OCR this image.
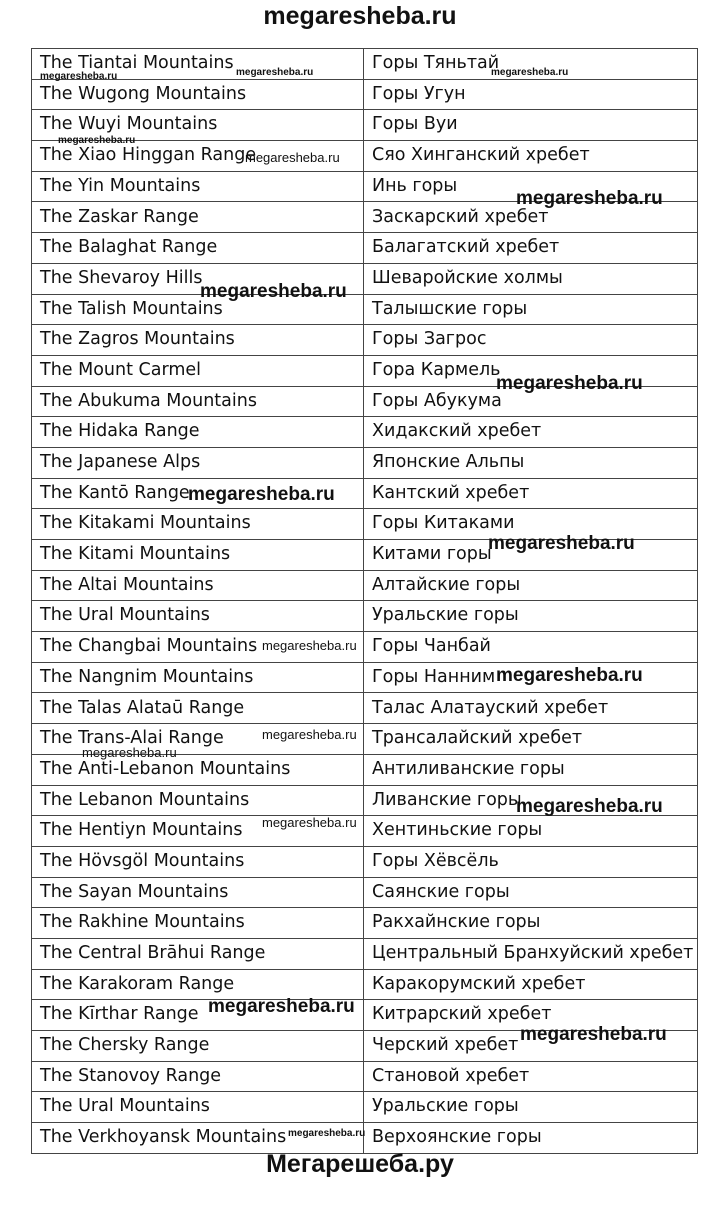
megaresheba.ru
The Tiantai Mountains	Горы Тяньтай
The Wugong Mountains	Горы Угун
The Wuyi Mountains	Горы Вуи
The Xiao Hinggan Range	Сяо Хинганский хребет
The Yin Mountains	Инь горы
The Zaskar Range	Заскарский хребет
The Balaghat Range	Балагатский хребет
The Shevaroy Hills	Шеваройские холмы
The Talish Mountains	Талышские горы
The Zagros Mountains	Горы Загрос
The Mount Carmel	Гора Кармель
The Abukuma Mountains	Горы Абукума
The Hidaka Range	Хидакский хребет
The Japanese Alps	Японские Альпы
The Kantō Range	Кантский хребет
The Kitakami Mountains	Горы Китаками
The Kitami Mountains	Китами горы
The Altai Mountains	Алтайские горы
The Ural Mountains	Уральские горы
The Changbai Mountains	Горы Чанбай
The Nangnim Mountains	Горы Нанним
The Talas Alataū Range	Талас Алатауский хребет
The Trans-Alai Range	Трансалайский хребет
The Anti-Lebanon Mountains	Антиливанские горы
The Lebanon Mountains	Ливанские горы
The Hentiyn Mountains	Хентиньские горы
The Hövsgöl Mountains	Горы Хёвсёль
The Sayan Mountains	Саянские горы
The Rakhine Mountains	Ракхайнские горы
The Central Brāhui Range	Центральный Бранхуйский хребет
The Karakoram Range	Каракорумский хребет
The Kīrthar Range	Китрарский хребет
The Chersky Range	Черский хребет
The Stanovoy Range	Становой хребет
The Ural Mountains	Уральские горы
The Verkhoyansk Mountains	Верхоянские горы
megaresheba.ru	megaresheba.ru	megaresheba.ru
megaresheba.ru
megaresheba.ru
megaresheba.ru
megaresheba.ru
megaresheba.ru
megaresheba.ru
megaresheba.ru
megaresheba.ru
megaresheba.ru
megaresheba.ru
megaresheba.ru
megaresheba.ru
megaresheba.ru
megaresheba.ru
megaresheba.ru
megaresheba.ru
Мегарешеба.ру
